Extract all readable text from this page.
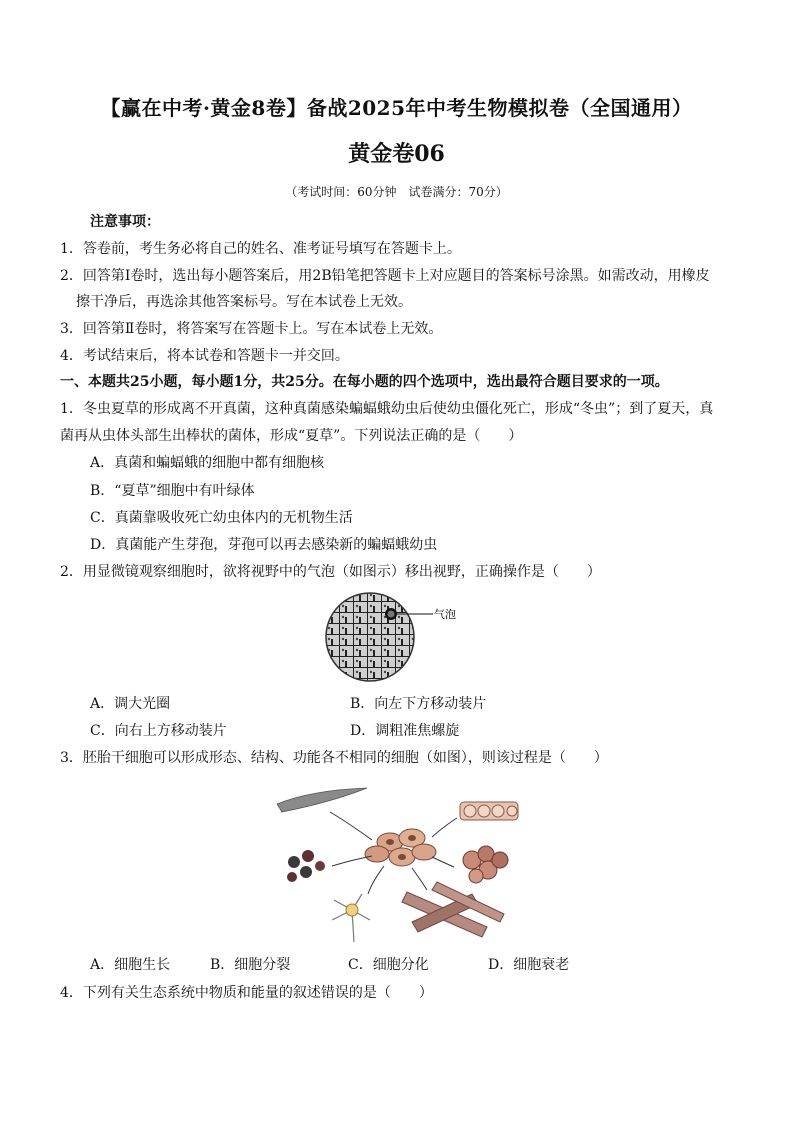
【赢在中考·黄金8卷】备战2025年中考生物模拟卷（全国通用）
黄金卷06
（考试时间：60分钟　试卷满分：70分）
注意事项：
1．答卷前，考生务必将自己的姓名、准考证号填写在答题卡上。
2．回答第Ⅰ卷时，选出每小题答案后，用2B铅笔把答题卡上对应题目的答案标号涂黑。如需改动，用橡皮
擦干净后，再选涂其他答案标号。写在本试卷上无效。
3．回答第Ⅱ卷时，将答案写在答题卡上。写在本试卷上无效。
4．考试结束后，将本试卷和答题卡一并交回。
一、本题共25小题，每小题1分，共25分。在每小题的四个选项中，选出最符合题目要求的一项。
1．冬虫夏草的形成离不开真菌，这种真菌感染蝙蝠蛾幼虫后使幼虫僵化死亡，形成“冬虫”；到了夏天，真
菌再从虫体头部生出棒状的菌体，形成“夏草”。下列说法正确的是（　　）
A．真菌和蝙蝠蛾的细胞中都有细胞核
B．“夏草”细胞中有叶绿体
C．真菌靠吸收死亡幼虫体内的无机物生活
D．真菌能产生芽孢，芽孢可以再去感染新的蝙蝠蛾幼虫
2．用显微镜观察细胞时，欲将视野中的气泡（如图示）移出视野，正确操作是（　　）
气泡
A．调大光圈	B．向左下方移动装片
C．向右上方移动装片	D．调粗准焦螺旋
3．胚胎干细胞可以形成形态、结构、功能各不相同的细胞（如图），则该过程是（　　）
A．细胞生长	B．细胞分裂	C．细胞分化	D．细胞衰老
4．下列有关生态系统中物质和能量的叙述错误的是（　　）
